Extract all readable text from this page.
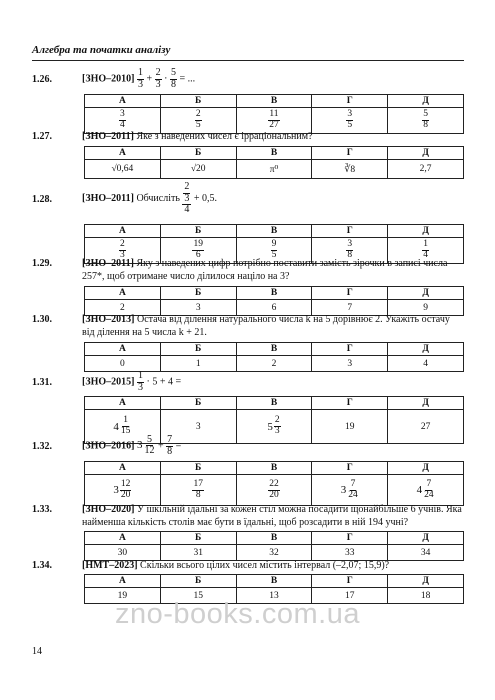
Алгебра та початки аналізу
1.26.	$[ЗНО-2010] \frac{1}{3} + \frac{2}{3} \cdot \frac{5}{8}$ = ...
А	Б	В	Г	Д

$\frac{3}{4}$	$\frac{2}{5}$	$\frac{11}{27}$	$\frac{3}{5}$	$\frac{5}{8}$
1.27.	[ЗНО–2011] Яке з наведених чисел є ірраціональним?
А	Б	В	Г	Д
√0,64	√20	π⁰	∛8	2,7
1.28.	[ЗНО–2011] Обчисліть $\frac{\frac{2}{3}}{4} + 0,5$.
А	Б	В	Г	Д

$\frac{2}{3}$	$\frac{19}{6}$	$\frac{9}{5}$	$\frac{3}{8}$	$\frac{1}{4}$
1.29.	[ЗНО–2011] Яку з наведених цифр потрібно поставити замість зірочки в записі числа 257*, щоб отримане число ділилося націло на 3?
А	Б	В	Г	Д
2	3	6	7	9
1.30.	[ЗНО–2013] Остача від ділення натурального числа k на 5 дорівнює 2. Укажіть остачу від ділення на 5 числа k + 21.
А	Б	В	Г	Д
0	1	2	3	4
1.31.	$[ЗНО-2015] \frac{1}{3} \cdot 5 + 4$ =
А	Б	В	Г	Д

$4 \frac{1}{15}$	3	$5 \frac{2}{3}$	19	27
1.32.	[ЗНО–2016] $3 \frac{5}{12} + \frac{7}{8}$ =
А	Б	В	Г	Д

$3 \frac{12}{20}$	$\frac{17}{8}$	$\frac{22}{20}$	$3 \frac{7}{24}$	$4 \frac{7}{24}$
1.33.	[ЗНО–2020] У шкільній їдальні за кожен стіл можна посадити щонайбільше 6 учнів. Яка найменша кількість столів має бути в їдальні, щоб розсадити в ній 194 учні?
А	Б	В	Г	Д
30	31	32	33	34
1.34.	[НМТ–2023] Скільки всього цілих чисел містить інтервал (–2,07; 15,9)?
А	Б	В	Г	Д
19	15	13	17	18
zno-books.com.ua
14
